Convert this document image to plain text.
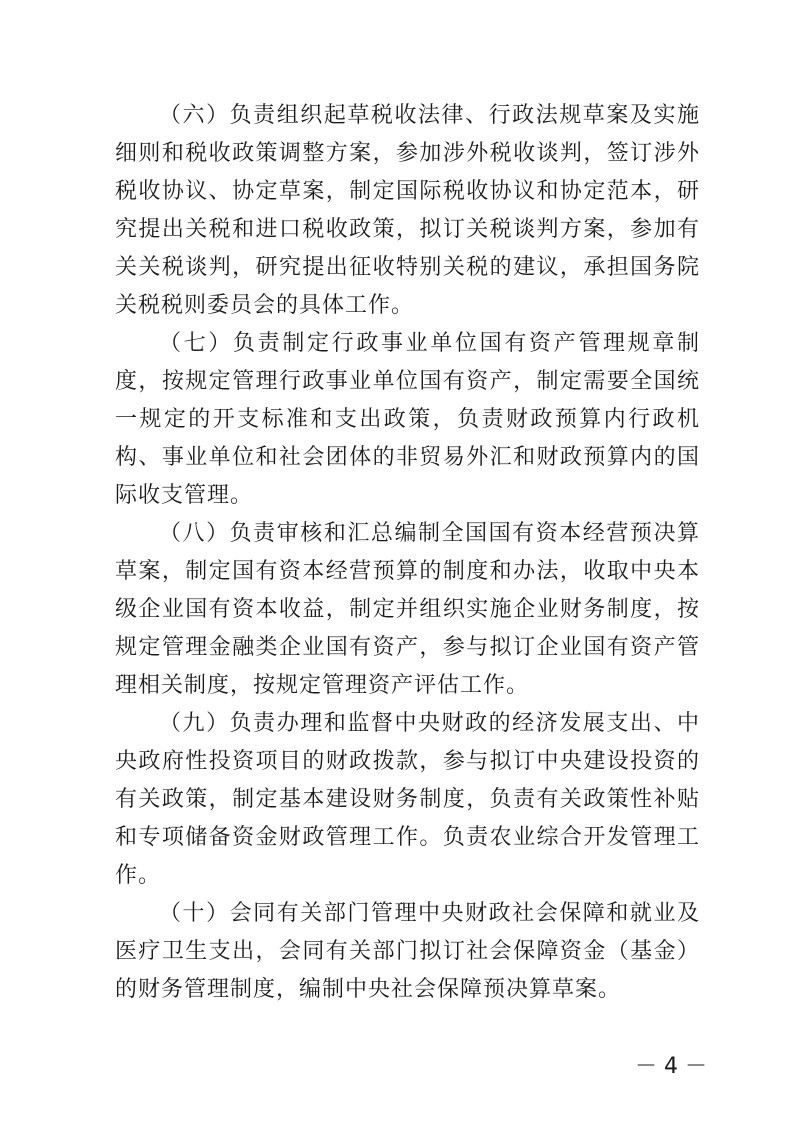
（六）负责组织起草税收法律、行政法规草案及实施细则和税收政策调整方案，参加涉外税收谈判，签订涉外税收协议、协定草案，制定国际税收协议和协定范本，研究提出关税和进口税收政策，拟订关税谈判方案，参加有关关税谈判，研究提出征收特别关税的建议，承担国务院关税税则委员会的具体工作。

（七）负责制定行政事业单位国有资产管理规章制度，按规定管理行政事业单位国有资产，制定需要全国统一规定的开支标准和支出政策，负责财政预算内行政机构、事业单位和社会团体的非贸易外汇和财政预算内的国际收支管理。

（八）负责审核和汇总编制全国国有资本经营预决算草案，制定国有资本经营预算的制度和办法，收取中央本级企业国有资本收益，制定并组织实施企业财务制度，按规定管理金融类企业国有资产，参与拟订企业国有资产管理相关制度，按规定管理资产评估工作。

（九）负责办理和监督中央财政的经济发展支出、中央政府性投资项目的财政拨款，参与拟订中央建设投资的有关政策，制定基本建设财务制度，负责有关政策性补贴和专项储备资金财政管理工作。负责农业综合开发管理工作。

（十）会同有关部门管理中央财政社会保障和就业及医疗卫生支出，会同有关部门拟订社会保障资金（基金）的财务管理制度，编制中央社会保障预决算草案。

－ 4 －
